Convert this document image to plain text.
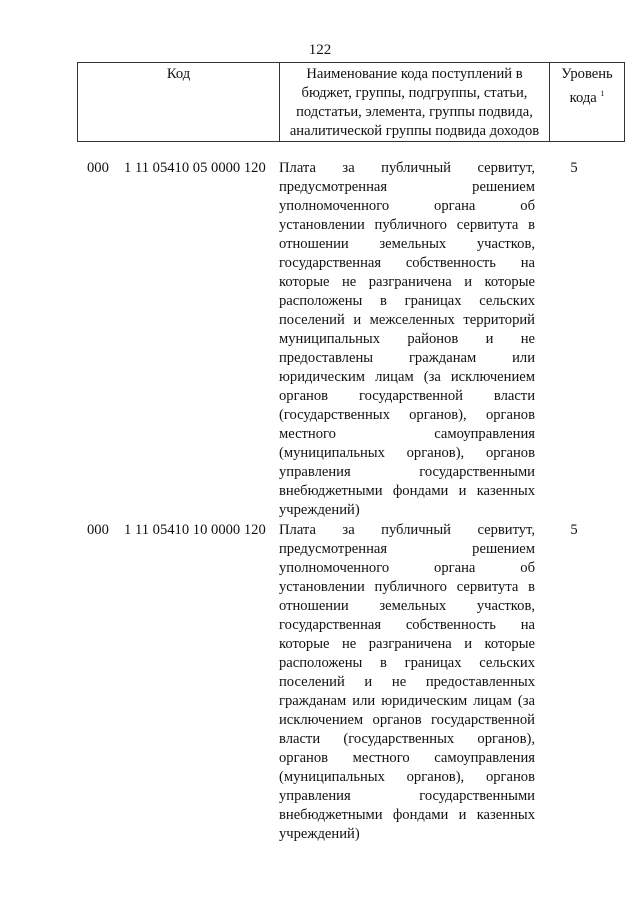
122
Код	Наименование кода поступлений в
бюджет, группы, подгруппы, статьи,
подстатьи, элемента, группы подвида,
аналитической группы подвида доходов

Уровень
кода $^1$
000 1 11 05410 05 0000 120 Плата за публичный сервитут,
предусмотренная решением
уполномоченного органа об
установлении публичного сервитута в
отношении земельных участков,
государственная собственность на
которые не разграничена и которые
расположены в границах сельских
поселений и межселенных территорий
муниципальных районов и не
предоставлены гражданам или
юридическим лицам (за исключением
органов государственной власти
(государственных органов), органов
местного самоуправления
(муниципальных органов), органов
управления государственными
внебюджетными фондами и казенных
учреждений)
5
000 1 11 05410 10 0000 120 Плата за публичный сервитут,
предусмотренная решением
уполномоченного органа об
установлении публичного сервитута в
отношении земельных участков,
государственная собственность на
которые не разграничена и которые
расположены в границах сельских
поселений и не предоставленных
гражданам или юридическим лицам (за
исключением органов государственной
власти (государственных органов),
органов местного самоуправления
(муниципальных органов), органов
управления государственными
внебюджетными фондами и казенных
учреждений)
5
